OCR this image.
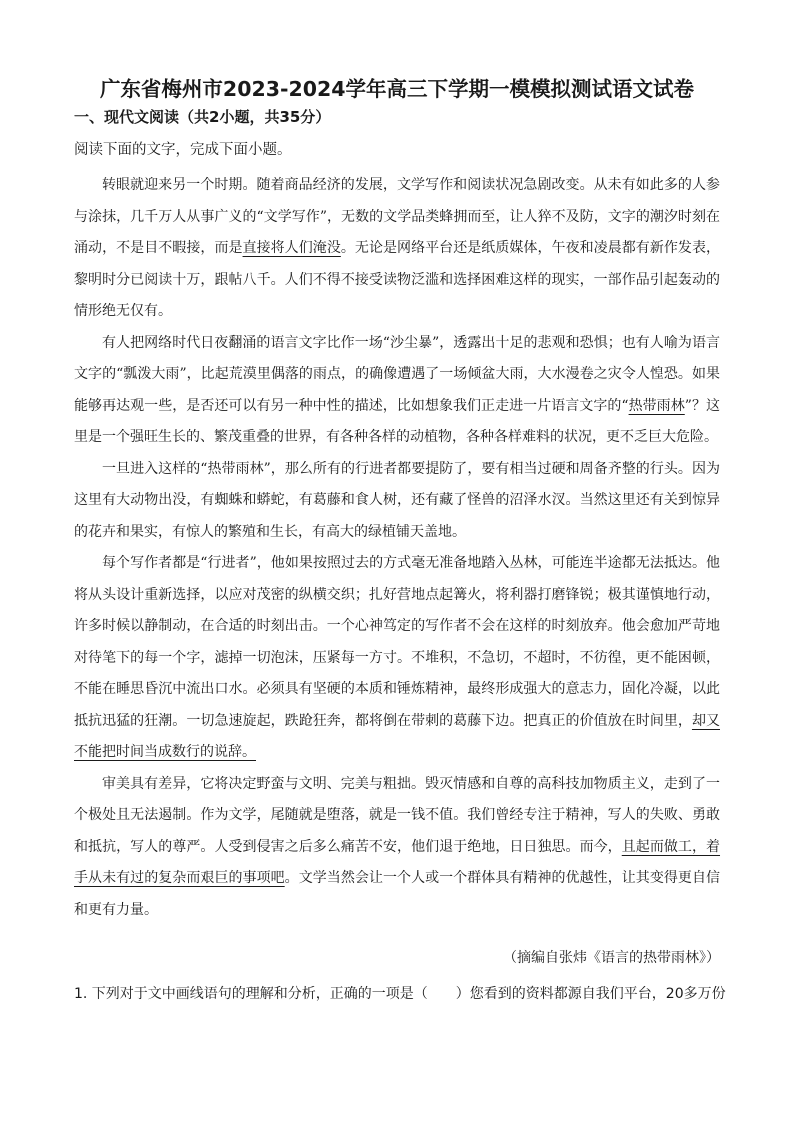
广东省梅州市2023-2024学年高三下学期一模模拟测试语文试卷
一、现代文阅读（共2小题，共35分）
阅读下面的文字，完成下面小题。

转眼就迎来另一个时期。随着商品经济的发展，文学写作和阅读状况急剧改变。从未有如此多的人参与涂抹，几千万人从事广义的“文学写作”，无数的文学品类蜂拥而至，让人猝不及防，文字的潮汐时刻在涌动，不是目不暇接，而是直接将人们淹没。无论是网络平台还是纸质媒体，午夜和凌晨都有新作发表，黎明时分已阅读十万，跟帖八千。人们不得不接受读物泛滥和选择困难这样的现实，一部作品引起轰动的情形绝无仅有。

有人把网络时代日夜翻涌的语言文字比作一场“沙尘暴”，透露出十足的悲观和恐惧；也有人喻为语言文字的“瓢泼大雨”，比起荒漠里偶落的雨点，的确像遭遇了一场倾盆大雨，大水漫卷之灾令人惶恐。如果能够再达观一些，是否还可以有另一种中性的描述，比如想象我们正走进一片语言文字的“热带雨林”？这里是一个强旺生长的、繁茂重叠的世界，有各种各样的动植物，各种各样难料的状况，更不乏巨大危险。

一旦进入这样的“热带雨林”，那么所有的行进者都要提防了，要有相当过硬和周备齐整的行头。因为这里有大动物出没，有蜘蛛和蟒蛇，有葛藤和食人树，还有藏了怪兽的沼泽水汊。当然这里还有关到惊异的花卉和果实，有惊人的繁殖和生长，有高大的绿植铺天盖地。

每个写作者都是“行进者”，他如果按照过去的方式毫无准备地踏入丛林，可能连半途都无法抵达。他将从头设计重新选择，以应对茂密的纵横交织；扎好营地点起篝火，将利器打磨锋锐；极其谨慎地行动，许多时候以静制动，在合适的时刻出击。一个心神笃定的写作者不会在这样的时刻放弃。他会愈加严苛地对待笔下的每一个字，滤掉一切泡沫，压紧每一方寸。不堆积，不急切，不超时，不彷徨，更不能困顿，不能在睡思昏沉中流出口水。必须具有坚硬的本质和锤炼精神，最终形成强大的意志力，固化冷凝，以此抵抗迅猛的狂潮。一切急速旋起，跌跄狂奔，都将倒在带刺的葛藤下边。把真正的价值放在时间里，却又不能把时间当成数行的说辞。

审美具有差异，它将决定野蛮与文明、完美与粗拙。毁灭情感和自尊的高科技加物质主义，走到了一个极处且无法遏制。作为文学，尾随就是堕落，就是一钱不值。我们曾经专注于精神，写人的失败、勇敢和抵抗，写人的尊严。人受到侵害之后多么痛苦不安，他们退于绝地，日日独思。而今，且起而做工，着手从未有过的复杂而艰巨的事项吧。文学当然会让一个人或一个群体具有精神的优越性，让其变得更自信和更有力量。

（摘编自张炜《语言的热带雨林》）
1. 下列对于文中画线语句的理解和分析，正确的一项是（　　）您看到的资料都源自我们平台，20多万份
